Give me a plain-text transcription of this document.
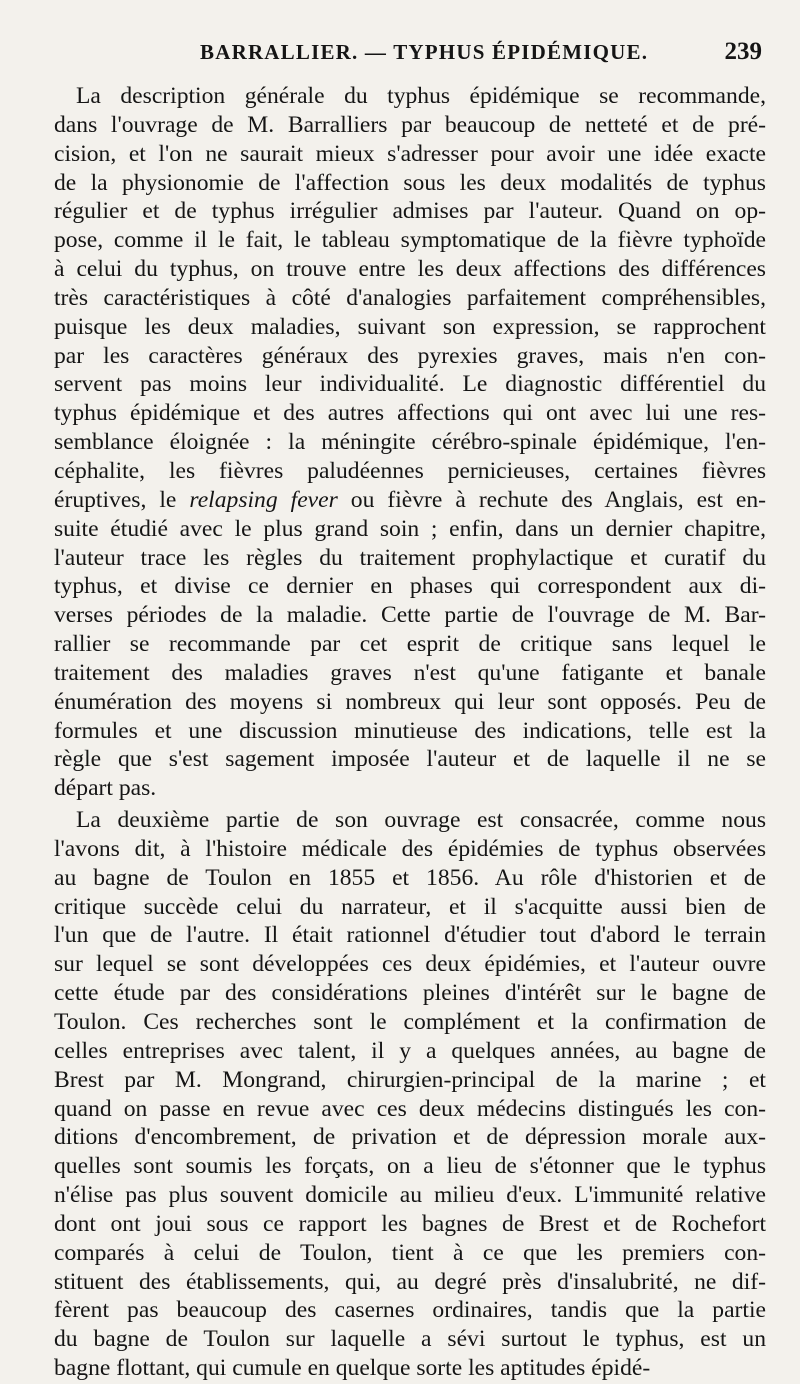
BARRALLIER. — TYPHUS ÉPIDÉMIQUE.	239
La description générale du typhus épidémique se recommande,
dans l'ouvrage de M. Barralliers par beaucoup de netteté et de pré-
cision, et l'on ne saurait mieux s'adresser pour avoir une idée exacte
de la physionomie de l'affection sous les deux modalités de typhus
régulier et de typhus irrégulier admises par l'auteur. Quand on op-
pose, comme il le fait, le tableau symptomatique de la fièvre typhoïde
à celui du typhus, on trouve entre les deux affections des différences
très caractéristiques à côté d'analogies parfaitement compréhensibles,
puisque les deux maladies, suivant son expression, se rapprochent
par les caractères généraux des pyrexies graves, mais n'en con-
servent pas moins leur individualité. Le diagnostic différentiel du
typhus épidémique et des autres affections qui ont avec lui une res-
semblance éloignée : la méningite cérébro-spinale épidémique, l'en-
céphalite, les fièvres paludéennes pernicieuses, certaines fièvres
éruptives, le relapsing fever ou fièvre à rechute des Anglais, est en-
suite étudié avec le plus grand soin ; enfin, dans un dernier chapitre,
l'auteur trace les règles du traitement prophylactique et curatif du
typhus, et divise ce dernier en phases qui correspondent aux di-
verses périodes de la maladie. Cette partie de l'ouvrage de M. Bar-
rallier se recommande par cet esprit de critique sans lequel le
traitement des maladies graves n'est qu'une fatigante et banale
énumération des moyens si nombreux qui leur sont opposés. Peu de
formules et une discussion minutieuse des indications, telle est la
règle que s'est sagement imposée l'auteur et de laquelle il ne se
départ pas.
La deuxième partie de son ouvrage est consacrée, comme nous
l'avons dit, à l'histoire médicale des épidémies de typhus observées
au bagne de Toulon en 1855 et 1856. Au rôle d'historien et de
critique succède celui du narrateur, et il s'acquitte aussi bien de
l'un que de l'autre. Il était rationnel d'étudier tout d'abord le terrain
sur lequel se sont développées ces deux épidémies, et l'auteur ouvre
cette étude par des considérations pleines d'intérêt sur le bagne de
Toulon. Ces recherches sont le complément et la confirmation de
celles entreprises avec talent, il y a quelques années, au bagne de
Brest par M. Mongrand, chirurgien-principal de la marine ; et
quand on passe en revue avec ces deux médecins distingués les con-
ditions d'encombrement, de privation et de dépression morale aux-
quelles sont soumis les forçats, on a lieu de s'étonner que le typhus
n'élise pas plus souvent domicile au milieu d'eux. L'immunité relative
dont ont joui sous ce rapport les bagnes de Brest et de Rochefort
comparés à celui de Toulon, tient à ce que les premiers con-
stituent des établissements, qui, au degré près d'insalubrité, ne dif-
fèrent pas beaucoup des casernes ordinaires, tandis que la partie
du bagne de Toulon sur laquelle a sévi surtout le typhus, est un
bagne flottant, qui cumule en quelque sorte les aptitudes épidé-
